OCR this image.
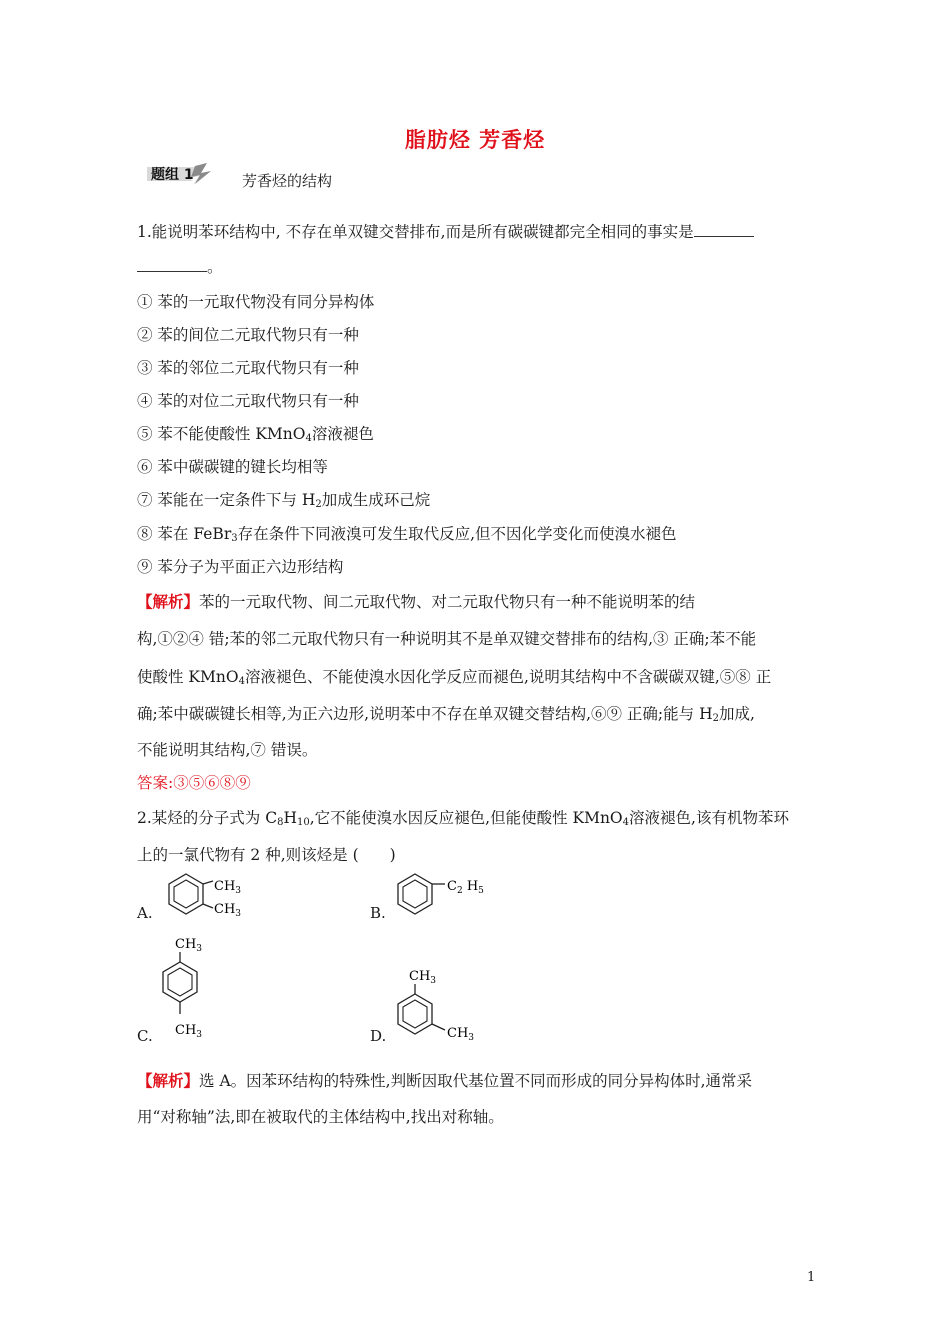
脂肪烃 芳香烃
题组 1	芳香烃的结构
1.能说明苯环结构中, 不存在单双键交替排布,而是所有碳碳键都完全相同的事实是
。
① 苯的一元取代物没有同分异构体
② 苯的间位二元取代物只有一种
③ 苯的邻位二元取代物只有一种
④ 苯的对位二元取代物只有一种
⑤ 苯不能使酸性 KMnO$_4$溶液褪色
⑥ 苯中碳碳键的键长均相等
⑦ 苯能在一定条件下与 $H_2$加成生成环己烷
⑧ 苯在 FeBr$_3$存在条件下同液溴可发生取代反应,但不因化学变化而使溴水褪色
⑨ 苯分子为平面正六边形结构
【解析】苯的一元取代物、间二元取代物、对二元取代物只有一种不能说明苯的结
构,①②④ 错;苯的邻二元取代物只有一种说明其不是单双键交替排布的结构,③ 正确;苯不能
使酸性 KMnO$_4$溶液褪色、不能使溴水因化学反应而褪色,说明其结构中不含碳碳双键,⑤⑧ 正
确;苯中碳碳键长相等,为正六边形,说明苯中不存在单双键交替结构,⑥⑨ 正确;能与 $H_2$加成,
不能说明其结构,⑦ 错误。
答案:③⑤⑥⑧⑨
2.某烃的分子式为 $C_8H_{10}$,它不能使溴水因反应褪色,但能使酸性 KMnO$_4$溶液褪色,该有机物苯环
上的一氯代物有 2 种,则该烃是 (　　)
A.
$CH_3$
$CH_3$	B.
$C_2$ $H_5$
C.
$CH_3$
$CH_3$	D.
$CH_3$
$CH_3$
【解析】选 A。因苯环结构的特殊性,判断因取代基位置不同而形成的同分异构体时,通常采
用“对称轴”法,即在被取代的主体结构中,找出对称轴。
1
